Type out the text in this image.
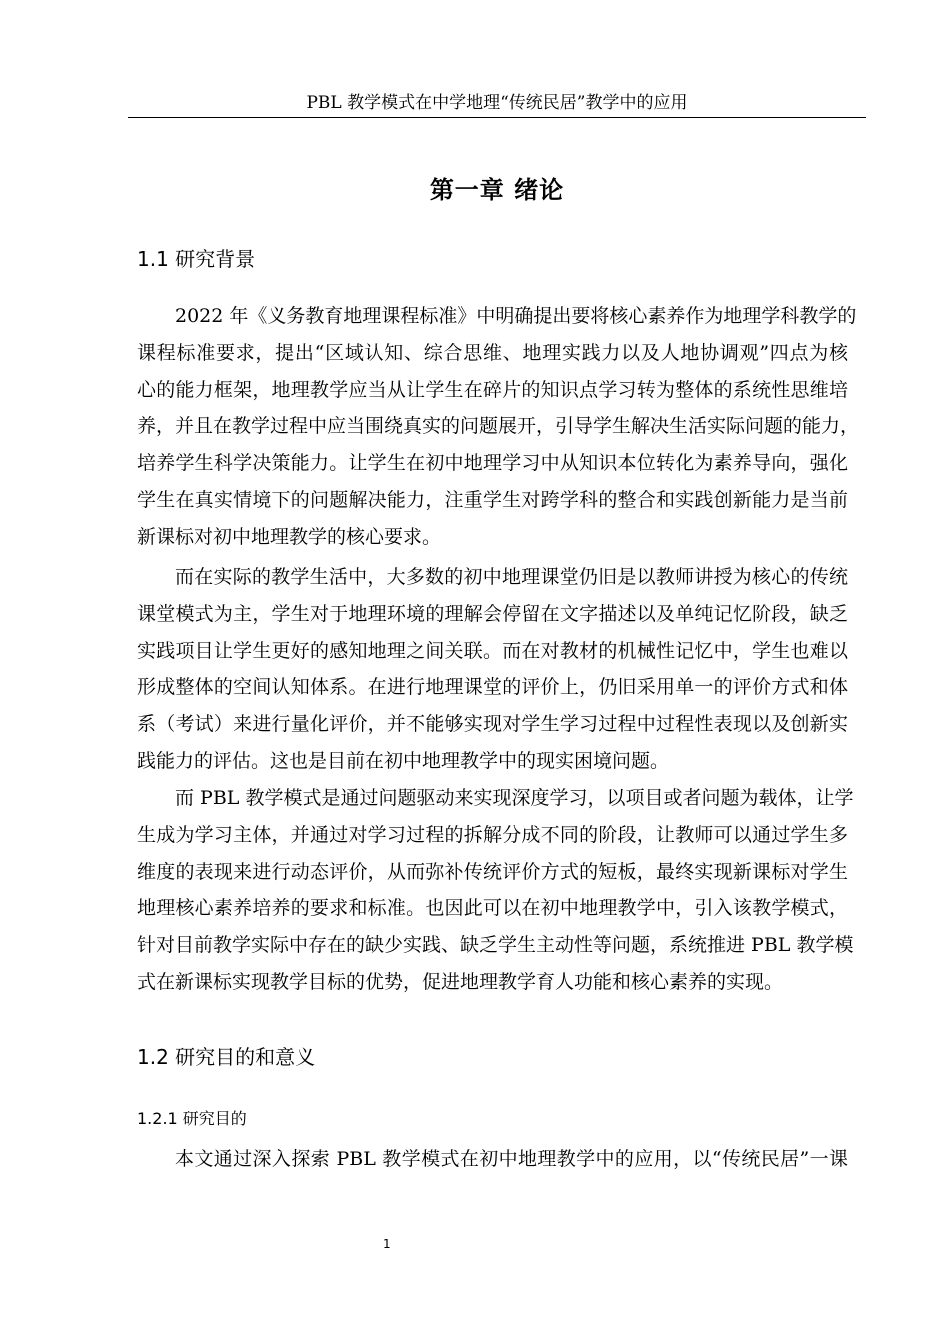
PBL 教学模式在中学地理“传统民居”教学中的应用
第一章 绪论
1.1 研究背景
2022 年《义务教育地理课程标准》中明确提出要将核心素养作为地理学科教学的
课程标准要求，提出“区域认知、综合思维、地理实践力以及人地协调观”四点为核
心的能力框架，地理教学应当从让学生在碎片的知识点学习转为整体的系统性思维培
养，并且在教学过程中应当围绕真实的问题展开，引导学生解决生活实际问题的能力，
培养学生科学决策能力。让学生在初中地理学习中从知识本位转化为素养导向，强化
学生在真实情境下的问题解决能力，注重学生对跨学科的整合和实践创新能力是当前
新课标对初中地理教学的核心要求。
而在实际的教学生活中，大多数的初中地理课堂仍旧是以教师讲授为核心的传统
课堂模式为主，学生对于地理环境的理解会停留在文字描述以及单纯记忆阶段，缺乏
实践项目让学生更好的感知地理之间关联。而在对教材的机械性记忆中，学生也难以
形成整体的空间认知体系。在进行地理课堂的评价上，仍旧采用单一的评价方式和体
系（考试）来进行量化评价，并不能够实现对学生学习过程中过程性表现以及创新实
践能力的评估。这也是目前在初中地理教学中的现实困境问题。
而 PBL 教学模式是通过问题驱动来实现深度学习，以项目或者问题为载体，让学
生成为学习主体，并通过对学习过程的拆解分成不同的阶段，让教师可以通过学生多
维度的表现来进行动态评价，从而弥补传统评价方式的短板，最终实现新课标对学生
地理核心素养培养的要求和标准。也因此可以在初中地理教学中，引入该教学模式，
针对目前教学实际中存在的缺少实践、缺乏学生主动性等问题，系统推进 PBL 教学模
式在新课标实现教学目标的优势，促进地理教学育人功能和核心素养的实现。
1.2 研究目的和意义
1.2.1 研究目的
本文通过深入探索 PBL 教学模式在初中地理教学中的应用，以“传统民居”一课
1
